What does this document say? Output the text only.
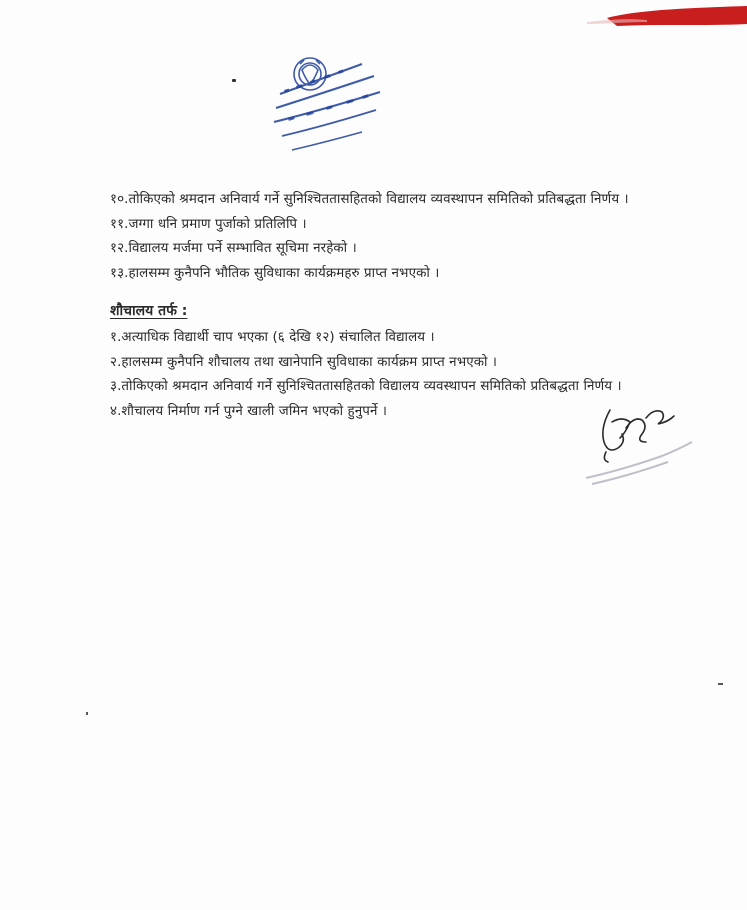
१०.तोकिएको श्रमदान अनिवार्य गर्ने सुनिश्चिततासहितको विद्यालय व्यवस्थापन समितिको प्रतिबद्धता निर्णय ।
११.जग्गा धनि प्रमाण पुर्जाको प्रतिलिपि ।
१२.विद्यालय मर्जमा पर्ने सम्भावित सूचिमा नरहेको ।
१३.हालसम्म कुनैपनि भौतिक सुविधाका कार्यक्रमहरु प्राप्त नभएको ।
शौचालय तर्फ :
१.अत्याधिक विद्यार्थी चाप भएका (६ देखि १२) संचालित विद्यालय ।
२.हालसम्म कुनैपनि शौचालय तथा खानेपानि सुविधाका कार्यक्रम प्राप्त नभएको ।
३.तोकिएको श्रमदान अनिवार्य गर्ने सुनिश्चिततासहितको विद्यालय व्यवस्थापन समितिको प्रतिबद्धता निर्णय ।
४.शौचालय निर्माण गर्न पुग्ने खाली जमिन भएको हुनुपर्ने ।
